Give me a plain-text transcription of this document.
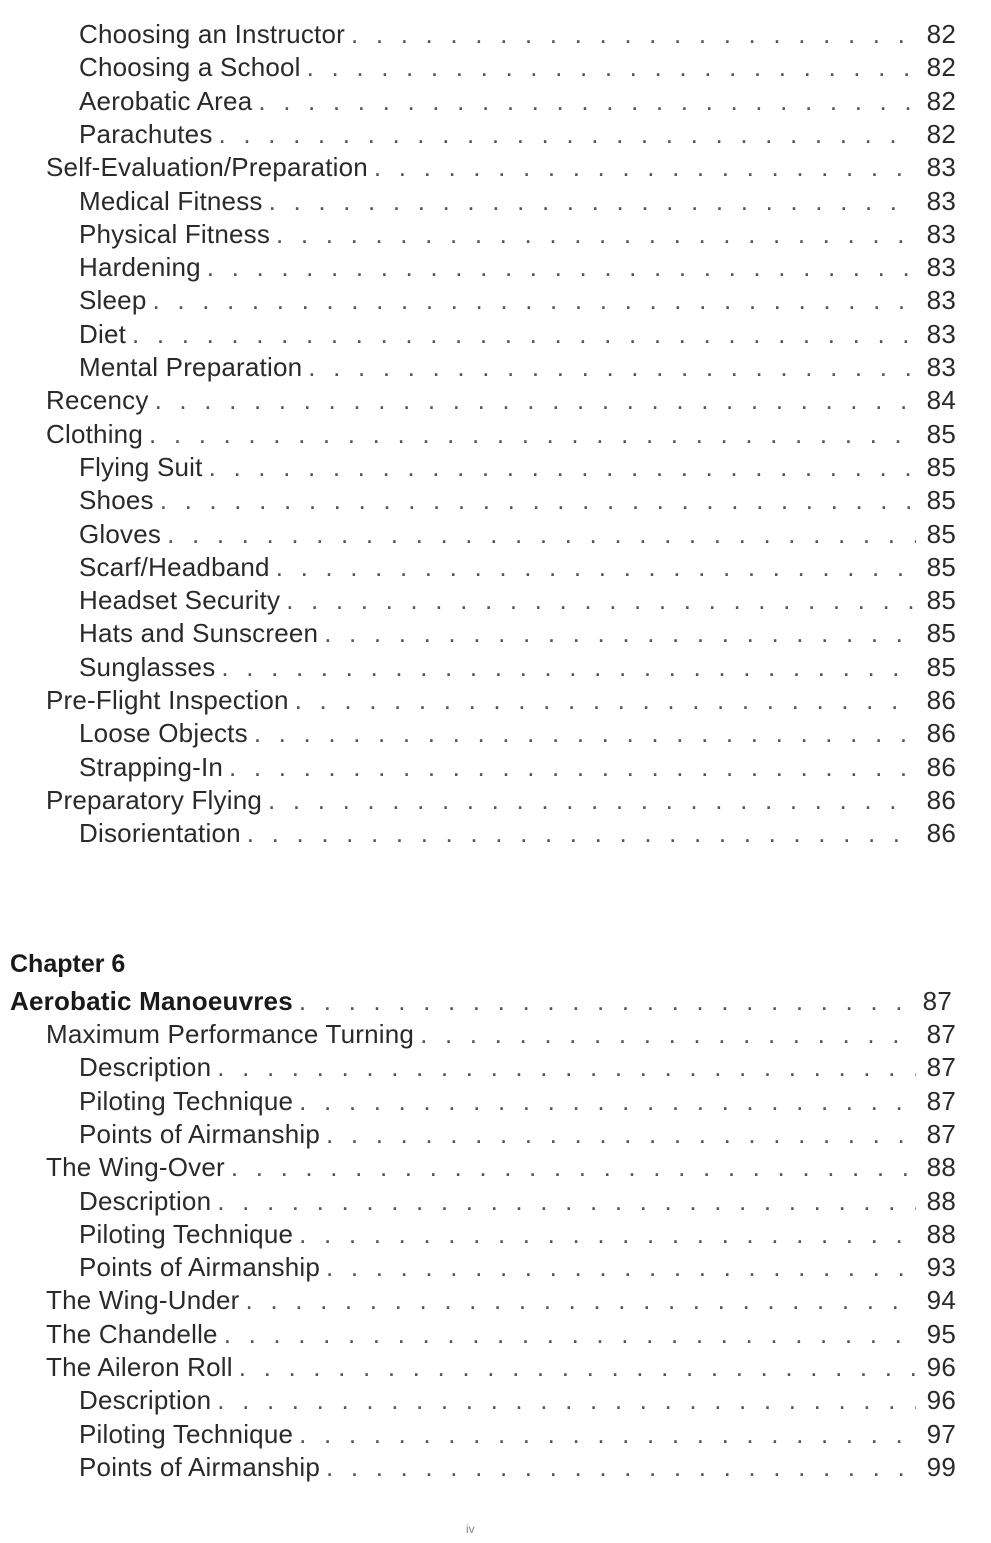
Choosing an Instructor . . .	82
Choosing a School . . .	82
Aerobatic Area . . .	82
Parachutes . . .	82
Self-Evaluation/Preparation . . .	83
Medical Fitness . . .	83
Physical Fitness . . .	83
Hardening . . .	83
Sleep . . .	83
Diet . . .	83
Mental Preparation . . .	83
Recency . . .	84
Clothing . . .	85
Flying Suit . . .	85
Shoes . . .	85
Gloves . . .	85
Scarf/Headband . . .	85
Headset Security . . .	85
Hats and Sunscreen . . .	85
Sunglasses . . .	85
Pre-Flight Inspection . . .	86
Loose Objects . . .	86
Strapping-In . . .	86
Preparatory Flying . . .	86
Disorientation . . .	86
Chapter 6
Aerobatic Manoeuvres . . .	87
Maximum Performance Turning . . .	87
Description . . .	87
Piloting Technique . . .	87
Points of Airmanship . . .	87
The Wing-Over . . .	88
Description . . .	88
Piloting Technique . . .	88
Points of Airmanship . . .	93
The Wing-Under . . .	94
The Chandelle . . .	95
The Aileron Roll . . .	96
Description . . .	96
Piloting Technique . . .	97
Points of Airmanship . . .	99
iv
